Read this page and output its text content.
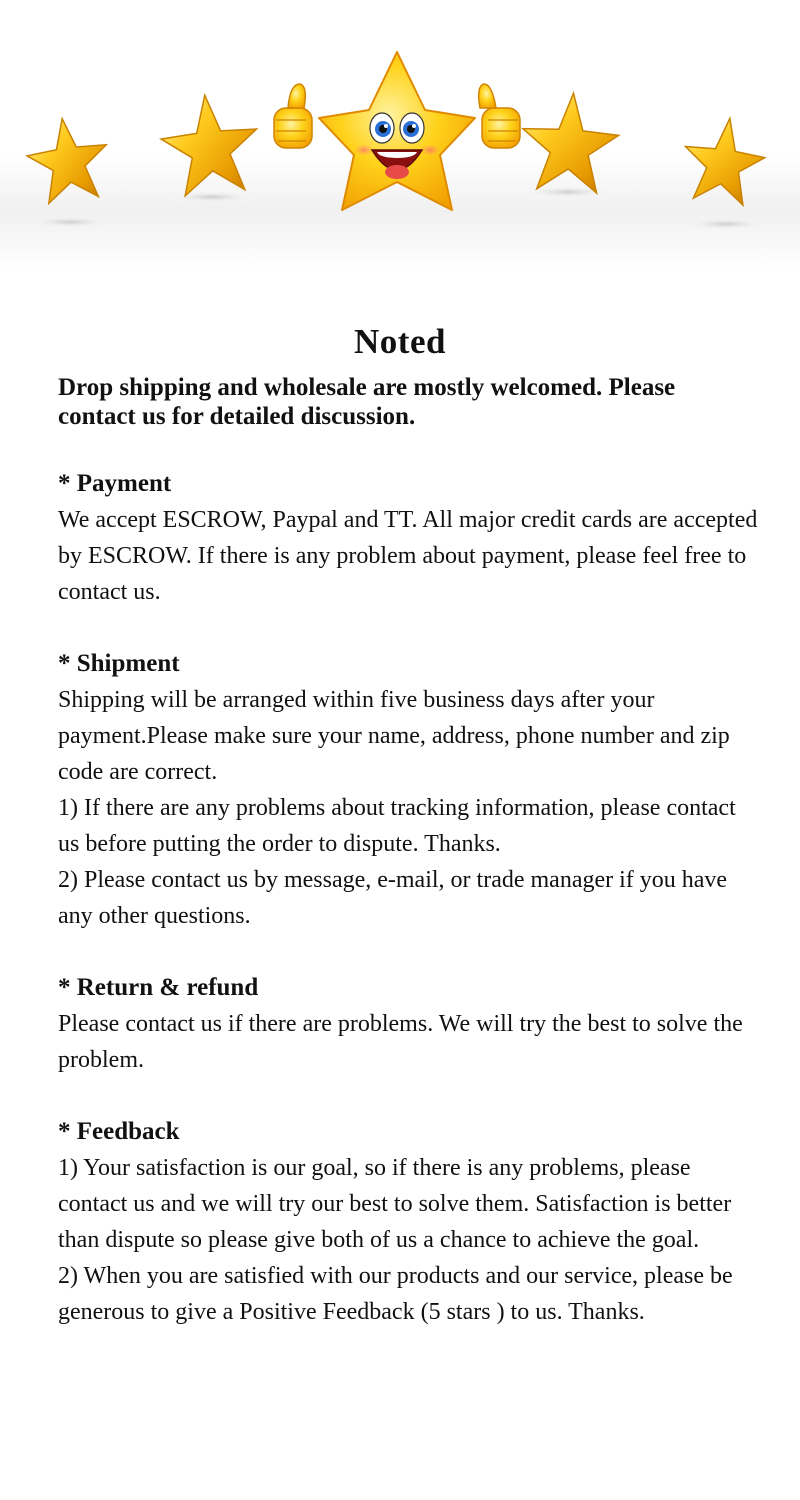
Noted

Drop shipping and wholesale are mostly welcomed. Please contact us for detailed discussion.

* Payment

We accept ESCROW, Paypal and TT. All major credit cards are accepted by ESCROW. If there is any problem about payment, please feel free to contact us.

* Shipment

Shipping will be arranged within five business days after your payment.Please make sure your name, address, phone number and zip code are correct.

1) If there are any problems about tracking information, please contact us before putting the order to dispute. Thanks.

2) Please contact us by message, e-mail, or trade manager if you have any other questions.

* Return & refund

Please contact us if there are problems. We will try the best to solve the problem.

* Feedback

1) Your satisfaction is our goal, so if there is any problems, please contact us and we will try our best to solve them. Satisfaction is better than dispute so please give both of us a chance to achieve the goal.

2) When you are satisfied with our products and our service, please be generous to give a Positive Feedback (5 stars ) to us. Thanks.
